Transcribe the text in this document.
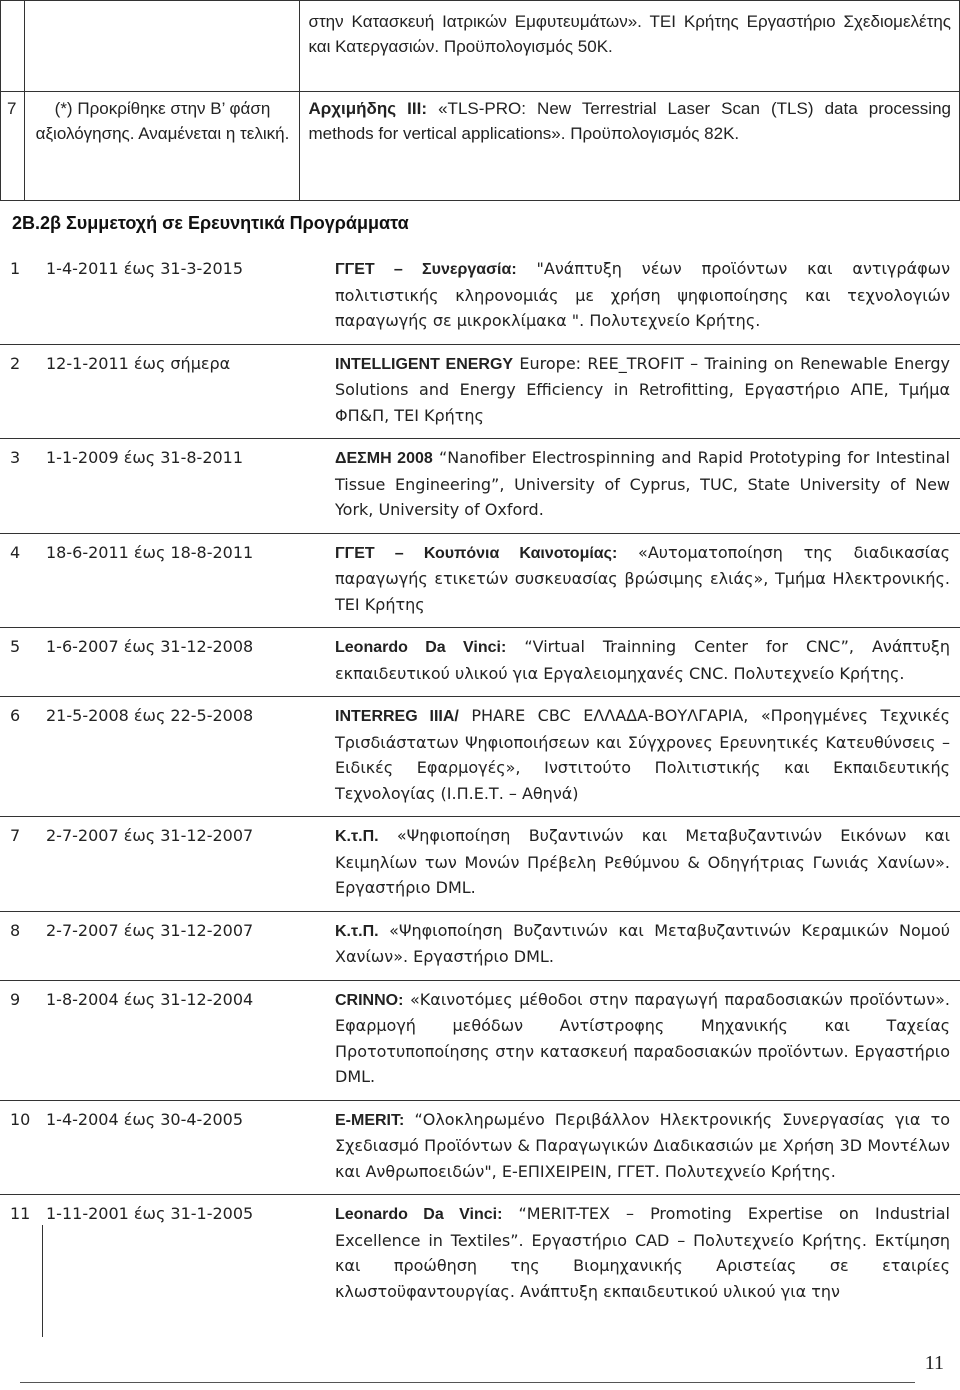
		στην Κατασκευή Ιατρικών Εμφυτευμάτων». ΤΕΙ Κρήτης Εργαστήριο Σχεδιομελέτης και Κατεργασιών. Προϋπολογισμός 50Κ.
7	(*) Προκρίθηκε στην Β’ φάση αξιολόγησης. Αναμένεται η τελική.	Αρχιμήδης III: «TLS-PRO: New Terrestrial Laser Scan (TLS) data processing methods for vertical applications». Προϋπολογισμός 82Κ.
2Β.2β Συμμετοχή σε Ερευνητικά Προγράμματα
1 1-4-2011 έως 31-3-2015	ΓΓΕΤ – Συνεργασία: "Ανάπτυξη νέων προϊόντων και αντιγράφων πολιτιστικής κληρονομιάς με χρήση ψηφιοποίησης και τεχνολογιών παραγωγής σε μικροκλίμακα ". Πολυτεχνείο Κρήτης.
2 12-1-2011 έως σήμερα	INTELLIGENT ENERGY Europe: REE_TROFIT – Training on Renewable Energy Solutions and Energy Efficiency in Retrofitting, Εργαστήριο ΑΠΕ, Τμήμα ΦΠ&Π, ΤΕΙ Κρήτης
3 1-1-2009 έως 31-8-2011	ΔΕΣΜΗ 2008 “Nanofiber Electrospinning and Rapid Prototyping for Intestinal Tissue Engineering”, University of Cyprus, TUC, State University of New York, University of Oxford.
4 18-6-2011 έως 18-8-2011	ΓΓΕΤ – Κουπόνια Καινοτομίας: «Αυτοματοποίηση της διαδικασίας παραγωγής ετικετών συσκευασίας βρώσιμης ελιάς», Τμήμα Ηλεκτρονικής. ΤΕΙ Κρήτης
5 1-6-2007 έως 31-12-2008	Leonardo Da Vinci: “Virtual Trainning Center for CNC”, Ανάπτυξη εκπαιδευτικού υλικού για Εργαλειομηχανές CNC. Πολυτεχνείο Κρήτης.
6 21-5-2008 έως 22-5-2008	INTERREG IIIA/ PHARE CBC ΕΛΛΑΔΑ-ΒΟΥΛΓΑΡΙΑ, «Προηγμένες Τεχνικές Τρισδιάστατων Ψηφιοποιήσεων και Σύγχρονες Ερευνητικές Κατευθύνσεις – Ειδικές Εφαρμογές», Ινστιτούτο Πολιτιστικής και Εκπαιδευτικής Τεχνολογίας (Ι.Π.Ε.Τ. – Αθηνά)
7 2-7-2007 έως 31-12-2007	Κ.τ.Π. «Ψηφιοποίηση Βυζαντινών και Μεταβυζαντινών Εικόνων και Κειμηλίων των Μονών Πρέβελη Ρεθύμνου & Οδηγήτριας Γωνιάς Χανίων». Εργαστήριο DML.
8 2-7-2007 έως 31-12-2007	Κ.τ.Π. «Ψηφιοποίηση Βυζαντινών και Μεταβυζαντινών Κεραμικών Νομού Χανίων». Εργαστήριο DML.
9 1-8-2004 έως 31-12-2004	CRINNO: «Καινοτόμες μέθοδοι στην παραγωγή παραδοσιακών προϊόντων». Εφαρμογή μεθόδων Αντίστροφης Μηχανικής και Ταχείας Προτοτυποποίησης στην κατασκευή παραδοσιακών προϊόντων. Εργαστήριο DML.
10 1-4-2004 έως 30-4-2005	E-MERIT: “Ολοκληρωμένο Περιβάλλον Ηλεκτρονικής Συνεργασίας για το Σχεδιασμό Προϊόντων & Παραγωγικών Διαδικασιών με Χρήση 3D Μοντέλων και Ανθρωποειδών", Ε-ΕΠΙΧΕΙΡΕΙΝ, ΓΓΕΤ. Πολυτεχνείο Κρήτης.
11 1-11-2001 έως 31-1-2005	Leonardo Da Vinci: “MERIT-TEX – Promoting Expertise on Industrial Excellence in Textiles”. Εργαστήριο CAD – Πολυτεχνείο Κρήτης. Εκτίμηση και προώθηση της Βιομηχανικής Αριστείας σε εταιρίες κλωστοϋφαντουργίας. Ανάπτυξη εκπαιδευτικού υλικού για την
11
